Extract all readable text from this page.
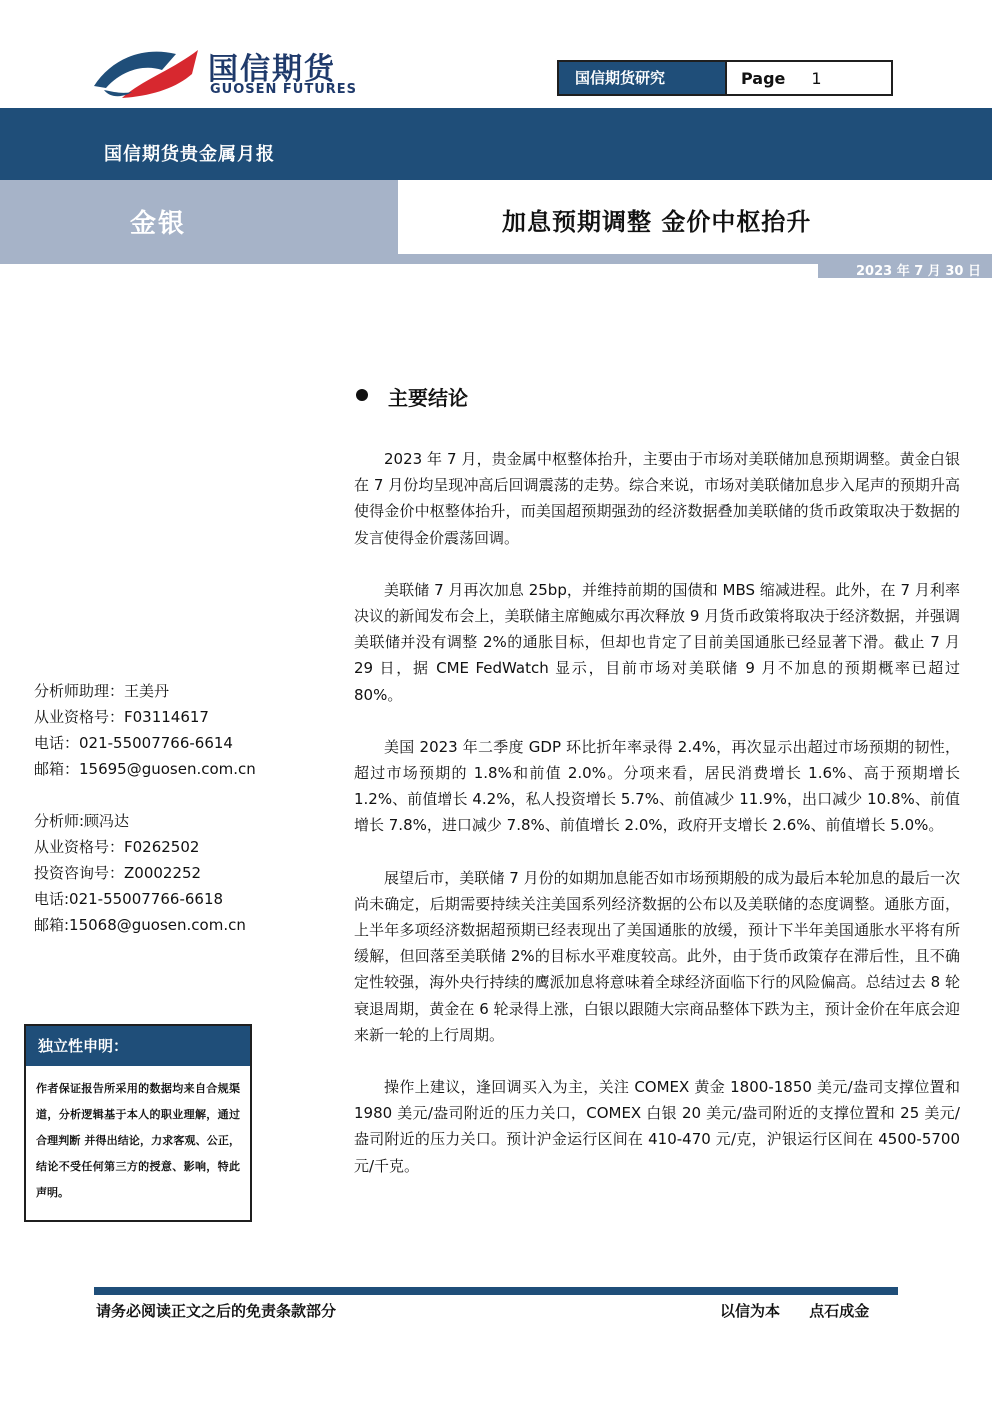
国信期货
GUOSEN FUTURES
国信期货研究	Page 1
国信期货贵金属月报
金银	加息预期调整 金价中枢抬升
2023 年 7 月 30 日
主要结论

2023 年 7 月，贵金属中枢整体抬升，主要由于市场对美联储加息预期调整。黄金白银在 7 月份均呈现冲高后回调震荡的走势。综合来说，市场对美联储加息步入尾声的预期升高使得金价中枢整体抬升，而美国超预期强劲的经济数据叠加美联储的货币政策取决于数据的发言使得金价震荡回调。

美联储 7 月再次加息 25bp，并维持前期的国债和 MBS 缩减进程。此外，在 7 月利率决议的新闻发布会上，美联储主席鲍威尔再次释放 9 月货币政策将取决于经济数据，并强调美联储并没有调整 2%的通胀目标，但却也肯定了目前美国通胀已经显著下滑。截止 7 月 29 日，据 CME FedWatch 显示，目前市场对美联储 9 月不加息的预期概率已超过 80%。

美国 2023 年二季度 GDP 环比折年率录得 2.4%，再次显示出超过市场预期的韧性，超过市场预期的 1.8%和前值 2.0%。分项来看，居民消费增长 1.6%、高于预期增长 1.2%、前值增长 4.2%，私人投资增长 5.7%、前值减少 11.9%，出口减少 10.8%、前值增长 7.8%，进口减少 7.8%、前值增长 2.0%，政府开支增长 2.6%、前值增长 5.0%。

展望后市，美联储 7 月份的如期加息能否如市场预期般的成为最后本轮加息的最后一次尚未确定，后期需要持续关注美国系列经济数据的公布以及美联储的态度调整。通胀方面，上半年多项经济数据超预期已经表现出了美国通胀的放缓，预计下半年美国通胀水平将有所缓解，但回落至美联储 2%的目标水平难度较高。此外，由于货币政策存在滞后性，且不确定性较强，海外央行持续的鹰派加息将意味着全球经济面临下行的风险偏高。总结过去 8 轮衰退周期，黄金在 6 轮录得上涨，白银以跟随大宗商品整体下跌为主，预计金价在年底会迎来新一轮的上行周期。

操作上建议，逢回调买入为主，关注 COMEX 黄金 1800-1850 美元/盎司支撑位置和 1980 美元/盎司附近的压力关口，COMEX 白银 20 美元/盎司附近的支撑位置和 25 美元/盎司附近的压力关口。预计沪金运行区间在 410-470 元/克，沪银运行区间在 4500-5700 元/千克。

分析师助理：王美丹
从业资格号：F03114617
电话：021-55007766-6614
邮箱：15695@guosen.com.cn
分析师:顾冯达
从业资格号：F0262502
投资咨询号：Z0002252
电话:021-55007766-6618
邮箱:15068@guosen.com.cn
独立性申明：
作者保证报告所采用的数据均来自合规渠道，分析逻辑基于本人的职业理解，通过合理判断 并得出结论，力求客观、公正，结论不受任何第三方的授意、影响，特此声明。
请务必阅读正文之后的免责条款部分	以信为本 点石成金
